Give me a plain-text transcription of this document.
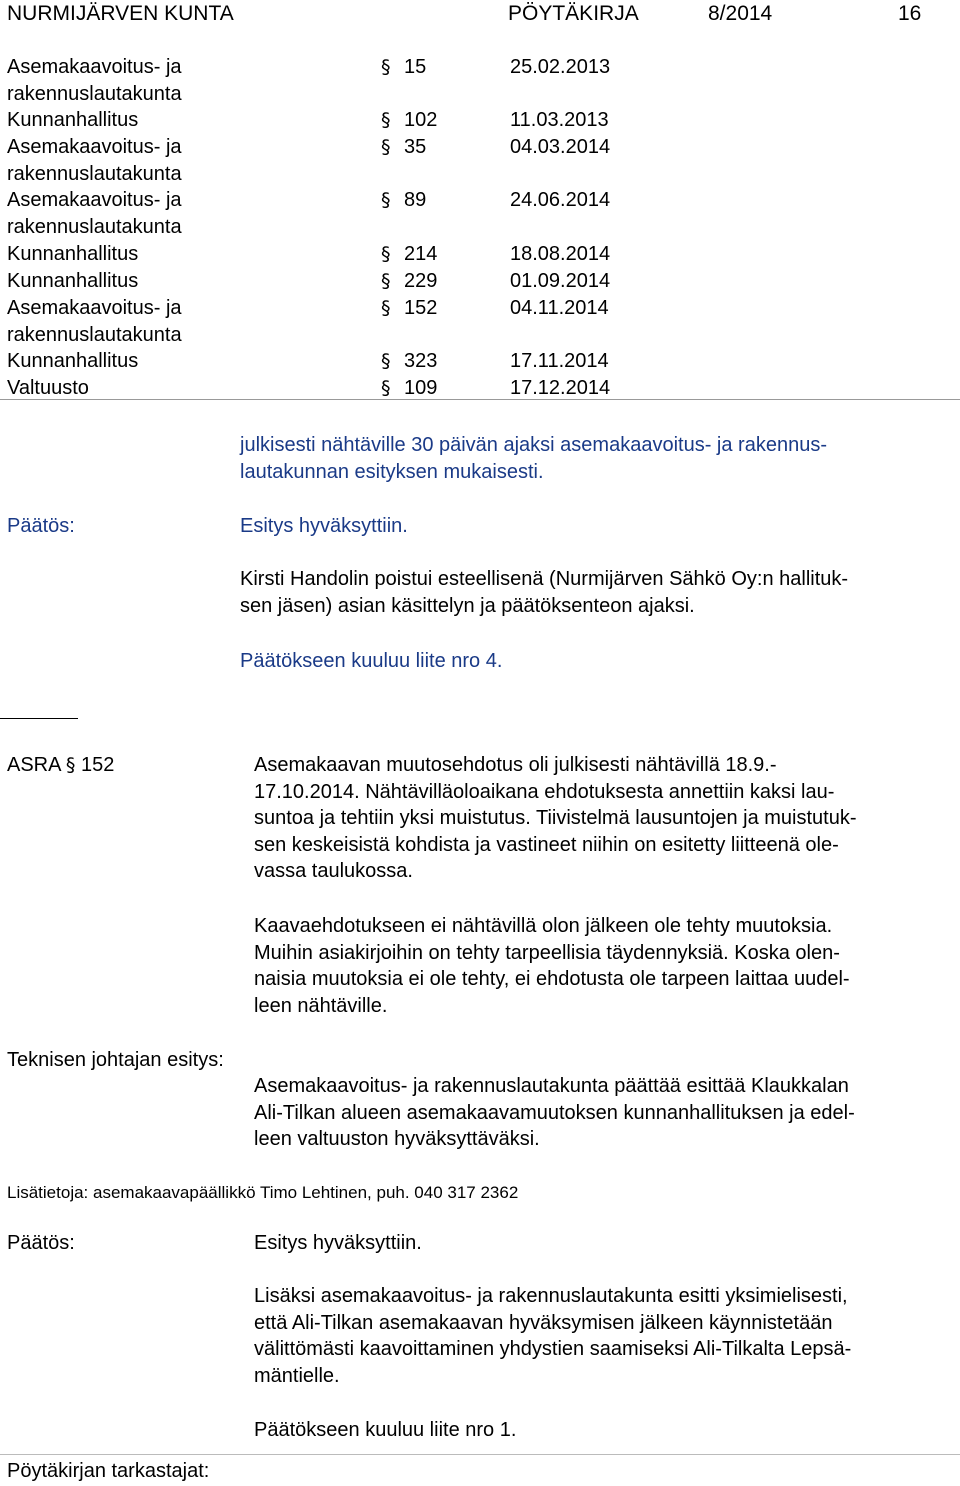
NURMIJÄRVEN KUNTA	PÖYTÄKIRJA	8/2014	16
Asemakaavoitus- ja
rakennuslautakunta
§ 15	25.02.2013
Kunnanhallitus	§ 102	11.03.2013
Asemakaavoitus- ja
rakennuslautakunta
§ 35	04.03.2014
Asemakaavoitus- ja
rakennuslautakunta
§ 89	24.06.2014
Kunnanhallitus	§ 214	18.08.2014
Kunnanhallitus	§ 229	01.09.2014
Asemakaavoitus- ja
rakennuslautakunta
§ 152	04.11.2014
Kunnanhallitus	§ 323	17.11.2014
Valtuusto	§ 109	17.12.2014
julkisesti nähtäville 30 päivän ajaksi asemakaavoitus- ja rakennus-
lautakunnan esityksen mukaisesti.
Päätös:	Esitys hyväksyttiin.
Kirsti Handolin poistui esteellisenä (Nurmijärven Sähkö Oy:n hallituk-
sen jäsen) asian käsittelyn ja päätöksenteon ajaksi.
Päätökseen kuuluu liite nro 4.
ASRA § 152	Asemakaavan muutosehdotus oli julkisesti nähtävillä 18.9.-
17.10.2014. Nähtävilläoloaikana ehdotuksesta annettiin kaksi lau-
suntoa ja tehtiin yksi muistutus. Tiivistelmä lausuntojen ja muistutuk-
sen keskeisistä kohdista ja vastineet niihin on esitetty liitteenä ole-
vassa taulukossa.
Kaavaehdotukseen ei nähtävillä olon jälkeen ole tehty muutoksia.
Muihin asiakirjoihin on tehty tarpeellisia täydennyksiä. Koska olen-
naisia muutoksia ei ole tehty, ei ehdotusta ole tarpeen laittaa uudel-
leen nähtäville.
Teknisen johtajan esitys:
Asemakaavoitus- ja rakennuslautakunta päättää esittää Klaukkalan
Ali-Tilkan alueen asemakaavamuutoksen kunnanhallituksen ja edel-
leen valtuuston hyväksyttäväksi.
Lisätietoja: asemakaavapäällikkö Timo Lehtinen, puh. 040 317 2362
Päätös:	Esitys hyväksyttiin.
Lisäksi asemakaavoitus- ja rakennuslautakunta esitti yksimielisesti,
että Ali-Tilkan asemakaavan hyväksymisen jälkeen käynnistetään
välittömästi kaavoittaminen yhdystien saamiseksi Ali-Tilkalta Lepsä-
mäntielle.
Päätökseen kuuluu liite nro 1.
Pöytäkirjan tarkastajat:
